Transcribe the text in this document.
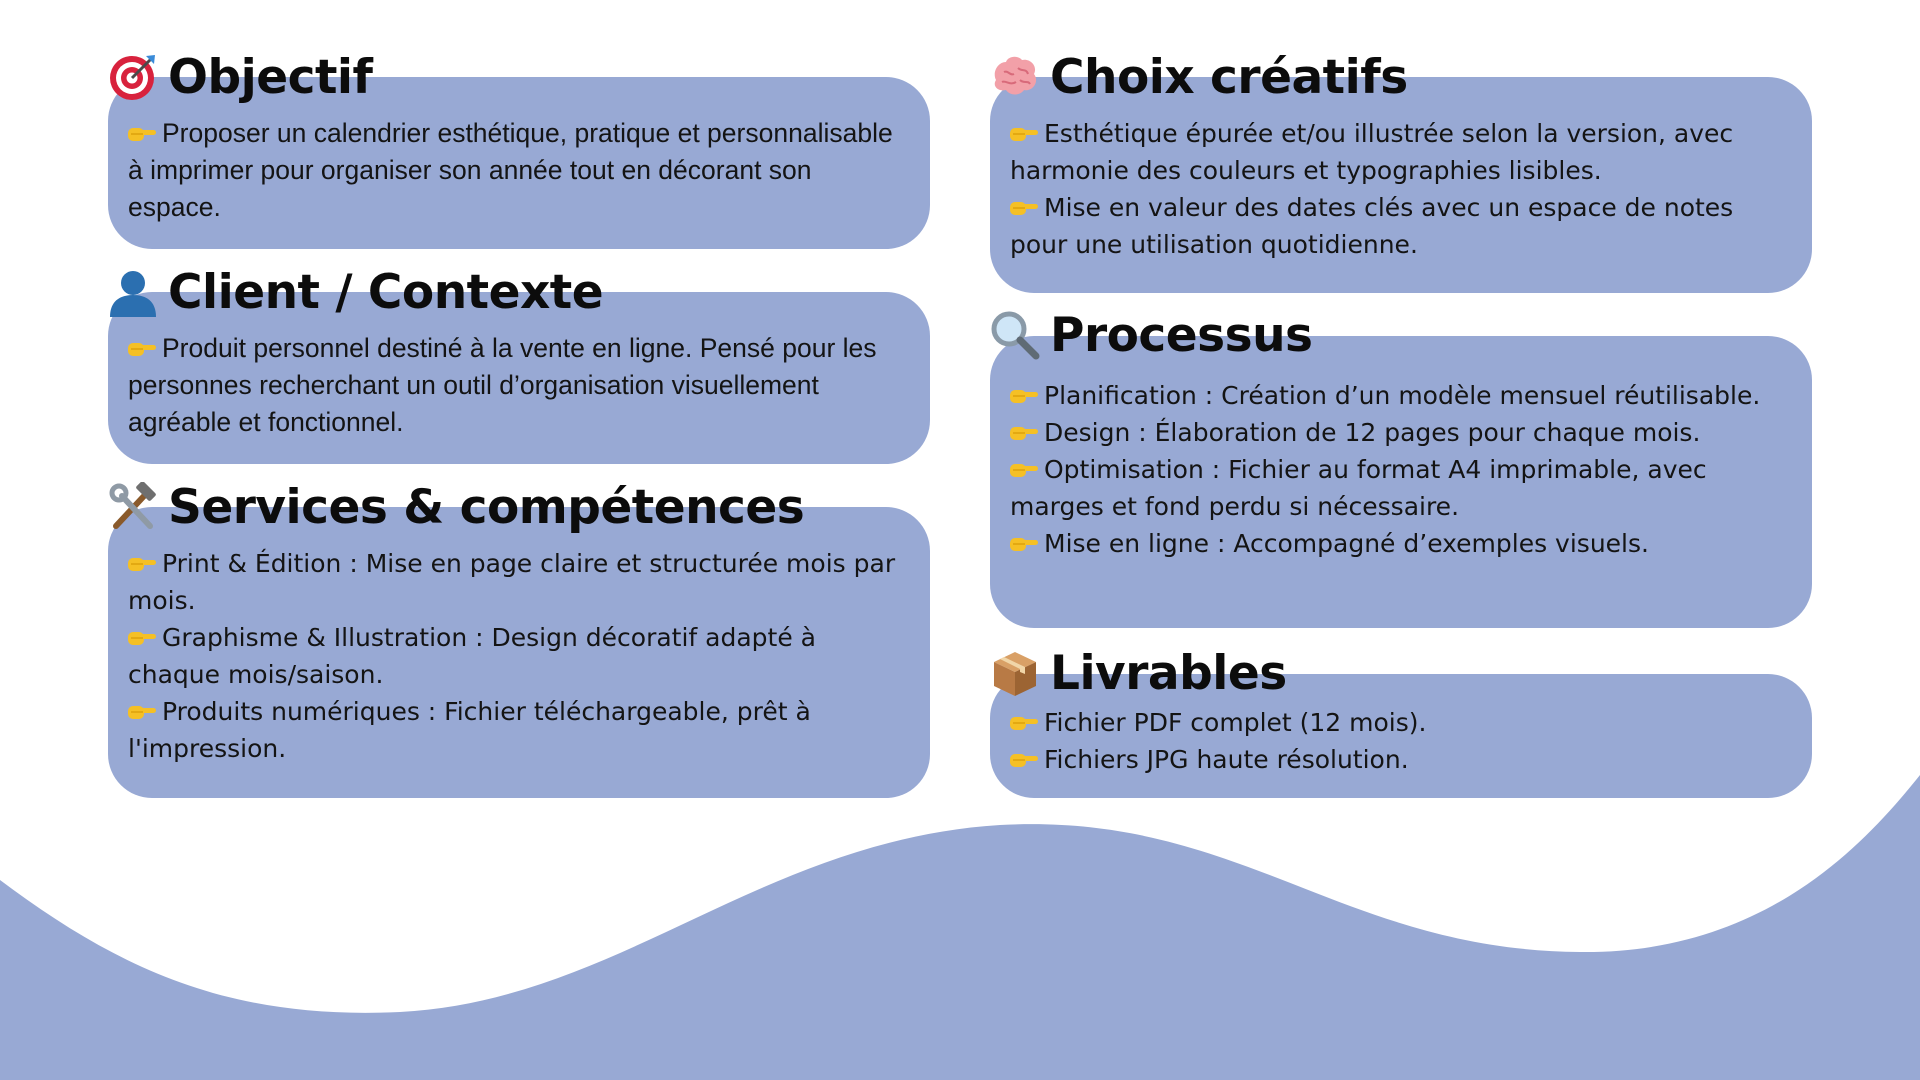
Objectif
Proposer un calendrier esthétique, pratique et personnalisable à imprimer pour organiser son année tout en décorant son espace.
Client / Contexte
Produit personnel destiné à la vente en ligne. Pensé pour les personnes recherchant un outil d’organisation visuellement agréable et fonctionnel.
Services & compétences
Print & Édition : Mise en page claire et structurée mois par mois.
Graphisme & Illustration : Design décoratif adapté à chaque mois/saison.
Produits numériques : Fichier téléchargeable, prêt à l'impression.
Choix créatifs
Esthétique épurée et/ou illustrée selon la version, avec harmonie des couleurs et typographies lisibles.
Mise en valeur des dates clés avec un espace de notes pour une utilisation quotidienne.
Processus
Planification : Création d’un modèle mensuel réutilisable.
Design : Élaboration de 12 pages pour chaque mois.
Optimisation : Fichier au format A4 imprimable, avec marges et fond perdu si nécessaire.
Mise en ligne : Accompagné d’exemples visuels.
Livrables
Fichier PDF complet (12 mois).
Fichiers JPG haute résolution.
